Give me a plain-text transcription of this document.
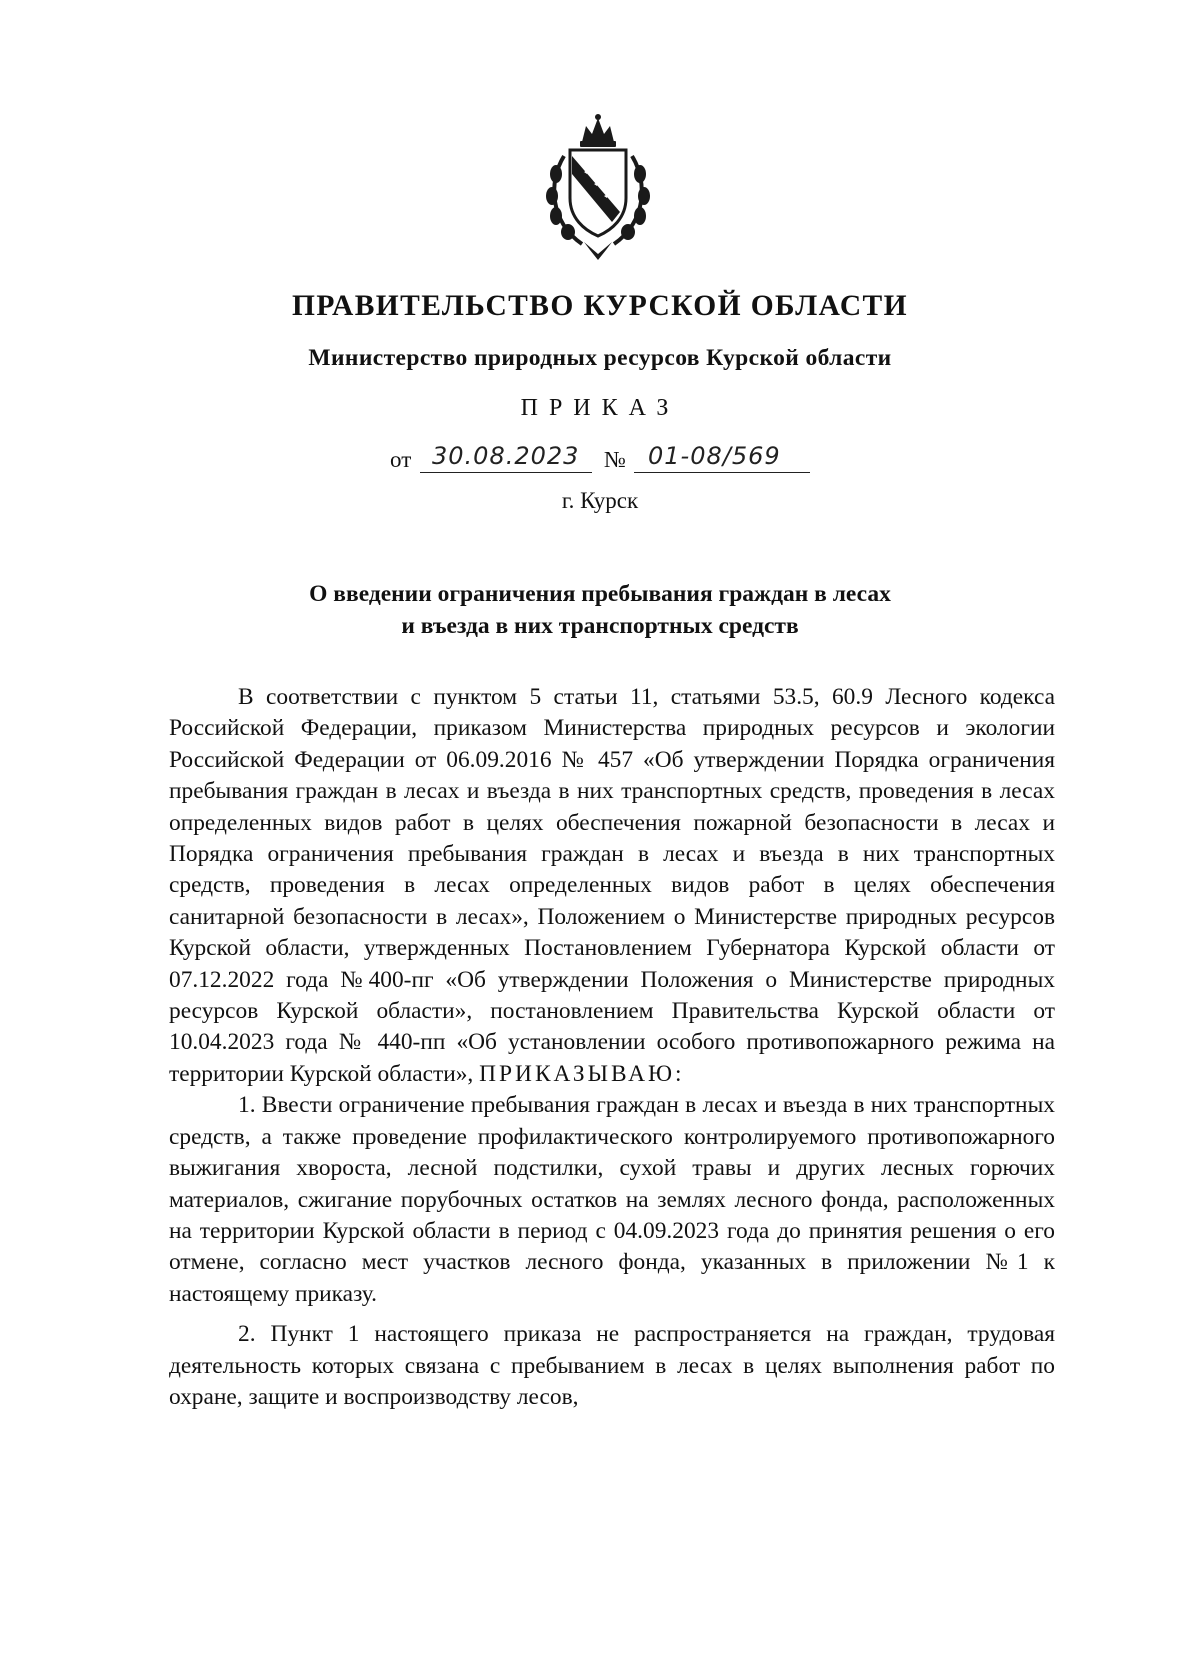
ПРАВИТЕЛЬСТВО КУРСКОЙ ОБЛАСТИ
Министерство природных ресурсов Курской области
ПРИКАЗ
от 30.08.2023 № 01-08/569
г. Курск
О введении ограничения пребывания граждан в лесах
и въезда в них транспортных средств

В соответствии с пунктом 5 статьи 11, статьями 53.5, 60.9 Лесного кодекса Российской Федерации, приказом Министерства природных ресурсов и экологии Российской Федерации от 06.09.2016 № 457 «Об утверждении Порядка ограничения пребывания граждан в лесах и въезда в них транспортных средств, проведения в лесах определенных видов работ в целях обеспечения пожарной безопасности в лесах и Порядка ограничения пребывания граждан в лесах и въезда в них транспортных средств, проведения в лесах определенных видов работ в целях обеспечения санитарной безопасности в лесах», Положением о Министерстве природных ресурсов Курской области, утвержденных Постановлением Губернатора Курской области от 07.12.2022 года №400-пг «Об утверждении Положения о Министерстве природных ресурсов Курской области», постановлением Правительства Курской области от 10.04.2023 года № 440-пп «Об установлении особого противопожарного режима на территории Курской области», ПРИКАЗЫВАЮ:

1. Ввести ограничение пребывания граждан в лесах и въезда в них транспортных средств, а также проведение профилактического контролируемого противопожарного выжигания хвороста, лесной подстилки, сухой травы и других лесных горючих материалов, сжигание порубочных остатков на землях лесного фонда, расположенных на территории Курской области в период с 04.09.2023 года до принятия решения о его отмене, согласно мест участков лесного фонда, указанных в приложении №1 к настоящему приказу.

2. Пункт 1 настоящего приказа не распространяется на граждан, трудовая деятельность которых связана с пребыванием в лесах в целях выполнения работ по охране, защите и воспроизводству лесов,
